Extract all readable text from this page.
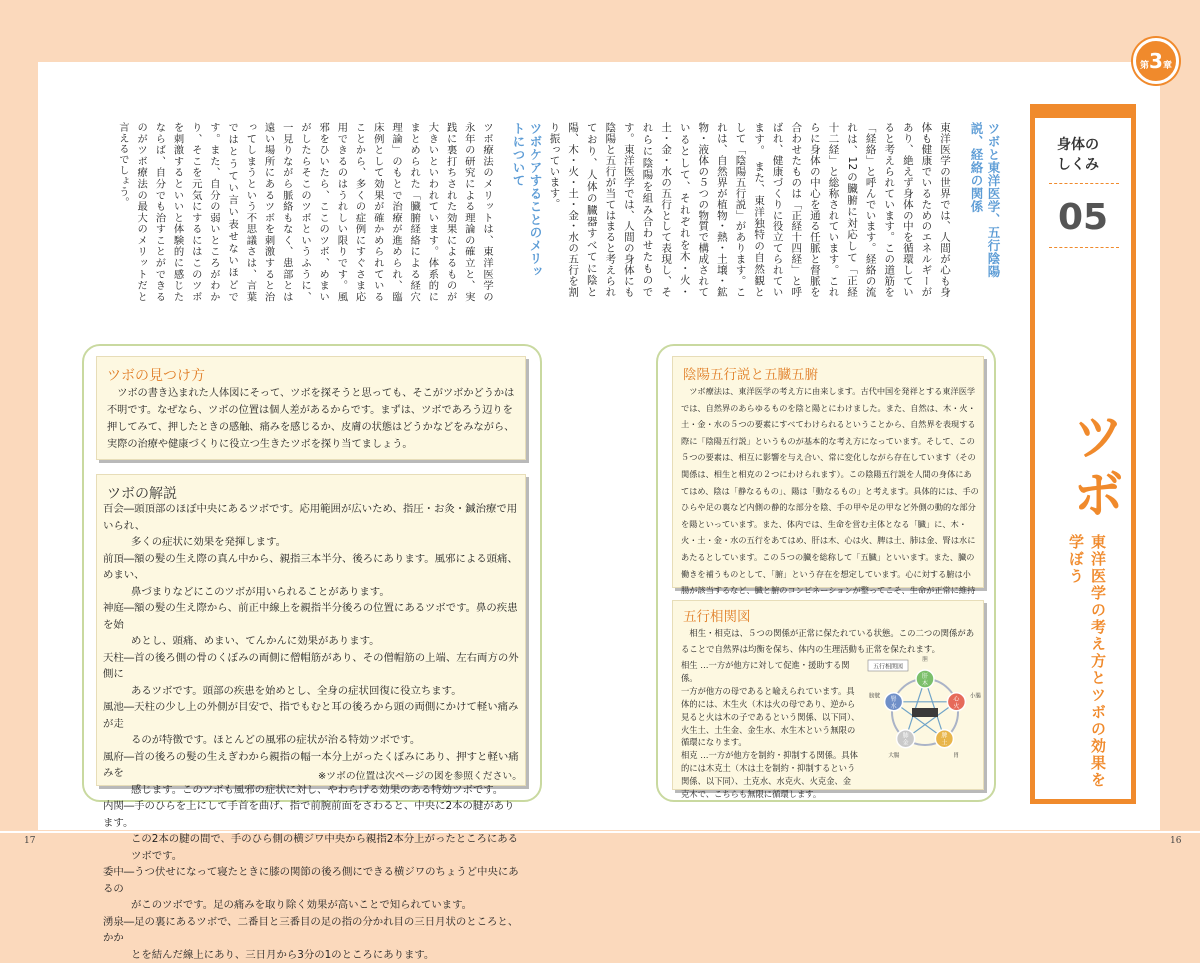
17	16
第3章
身体の
しくみ
05
ツボ
東洋医学の考え方とツボの効果を学ぼう
ツボと東洋医学、五行陰陽説、経絡の関係
東洋医学の世界では、人間が心も身体も健康でいるためのエネルギーがあり、絶えず身体の中を循環していると考えられています。この道筋を「経絡」と呼んでいます。経絡の流れは、12の臓腑に対応して「正経十二経」と総称されています。これらに身体の中心を通る任脈と督脈を合わせたものは「正経十四経」と呼ばれ、健康づくりに役立てられています。 また、東洋独特の自然観として「陰陽五行説」があります。これは、自然界が植物・熱・土壌・鉱物・液体の５つの物質で構成されているとして、それぞれを木・火・土・金・水の五行として表現し、それらに陰陽を組み合わせたものです。東洋医学では、人間の身体にも陰陽と五行が当てはまると考えられており、人体の臓器すべてに陰と陽、木・火・土・金・水の五行を割り振っています。
ツボケアすることのメリットについて
ツボ療法のメリットは、東洋医学の永年の研究による理論の確立と、実践に裏打ちされた効果によるものが大きいといわれています。体系的にまとめられた「臓腑経絡による経穴理論」のもとで治療が進められ、臨床例として効果が確かめられていることから、多くの症例にすぐさま応用できるのはうれしい限りです。風邪をひいたら、ここのツボ、めまいがしたらそこのツボというふうに、一見りながら脈絡もなく、患部とは遠い場所にあるツボを刺激すると治ってしまうという不思議さは、言葉ではとうてい言い表せないほどです。また、自分の弱いところがわかり、そこを元気にするにはこのツボを刺激するといいと体験的に感じたならば、自分でも治すことができるのがツボ療法の最大のメリットだと言えるでしょう。
ツボの見つけ方
ツボの書き込まれた人体図にそって、ツボを探そうと思っても、そこがツボかどうかは不明です。なぜなら、ツボの位置は個人差があるからです。まずは、ツボであろう辺りを押してみて、押したときの感触、痛みを感じるか、皮膚の状態はどうかなどをみながら、実際の治療や健康づくりに役立つ生きたツボを探り当てましょう。
ツボの解説
百会―頭頂部のほぼ中央にあるツボです。応用範囲が広いため、指圧・お灸・鍼治療で用いられ、
多くの症状に効果を発揮します。
前頂―額の髪の生え際の真ん中から、親指三本半分、後ろにあります。風邪による頭痛、めまい、
鼻づまりなどにこのツボが用いられることがあります。
神庭―額の髪の生え際から、前正中線上を親指半分後ろの位置にあるツボです。鼻の疾患を始
めとし、頭痛、めまい、てんかんに効果があります。
天柱―首の後ろ側の骨のくぼみの両側に僧帽筋があり、その僧帽筋の上端、左右両方の外側に
あるツボです。頭部の疾患を始めとし、全身の症状回復に役立ちます。
風池―天柱の少し上の外側が目安で、指でもむと耳の後ろから頭の両側にかけて軽い痛みが走
るのが特徴です。ほとんどの風邪の症状が治る特効ツボです。
風府―首の後ろの髪の生えぎわから親指の幅一本分上がったくぼみにあり、押すと軽い痛みを
感じます。このツボも風邪の症状に対し、やわらげる効果のある特効ツボです。
内関―手のひらを上にして手首を曲げ、指で前腕前面をさわると、中央に2本の腱があります。
この2本の腱の間で、手のひら側の横ジワ中央から親指2本分上がったところにあるツボです。
委中―うつ伏せになって寝たときに膝の関節の後ろ側にできる横ジワのちょうど中央にあるの
がこのツボです。足の痛みを取り除く効果が高いことで知られています。
湧泉―足の裏にあるツボで、二番目と三番目の足の指の分かれ目の三日月状のところと、かか
とを結んだ線上にあり、三日月から3分の1のところにあります。
※ツボの位置は次ページの図を参照ください。
陰陽五行説と五臓五腑
ツボ療法は、東洋医学の考え方に由来します。古代中国を発祥とする東洋医学では、自然界のあらゆるものを陰と陽とにわけました。また、自然は、木・火・土・金・水の５つの要素にすべてわけられるということから、自然界を表現する際に「陰陽五行説」というものが基本的な考え方になっています。そして、この５つの要素は、相互に影響を与え合い、常に変化しながら存在しています（その関係は、相生と相克の２つにわけられます）。この陰陽五行説を人間の身体にあてはめ、陰は「静なるもの」、陽は「動なるもの」と考えます。具体的には、手のひらや足の裏など内側の静的な部分を陰、手の甲や足の甲など外側の動的な部分を陽といっています。また、体内では、生命を営む主体となる「臓」に、木・火・土・金・水の五行をあてはめ、肝は木、心は火、脾は土、肺は金、腎は水にあたるとしています。この５つの臓を総称して「五臓」といいます。また、臓の働きを補うものとして、「腑」という存在を想定しています。心に対する腑は小腸が該当するなど、臓と腑のコンビネーションが整ってこそ、生命が正常に維持
五行相関図
相生・相克は、５つの関係が正常に保たれている状態。この二つの関係があることで自然界は均衡を保ち、体内の生理活動も正常を保たれます。
相生 …一方が他方に対して促進・援助する関係。
一方が他方の母であると喩えられています。具
体的には、木生火（木は火の母であり、逆から
見ると火は木の子であるという関係、以下同）、
火生土、土生金、金生水、水生木という無限の
循環になります。
相克 …一方が他方を制約・抑制する関係。具体
的には木克土（木は土を制約・抑制するという
関係、以下同）、土克水、水克火、火克金、金
克木で、こちらも無限に循環します。
五行相関図
肝
木
胆
心
火
小腸
脾
土
胃
肺
金
大腸
腎
水
膀胱
